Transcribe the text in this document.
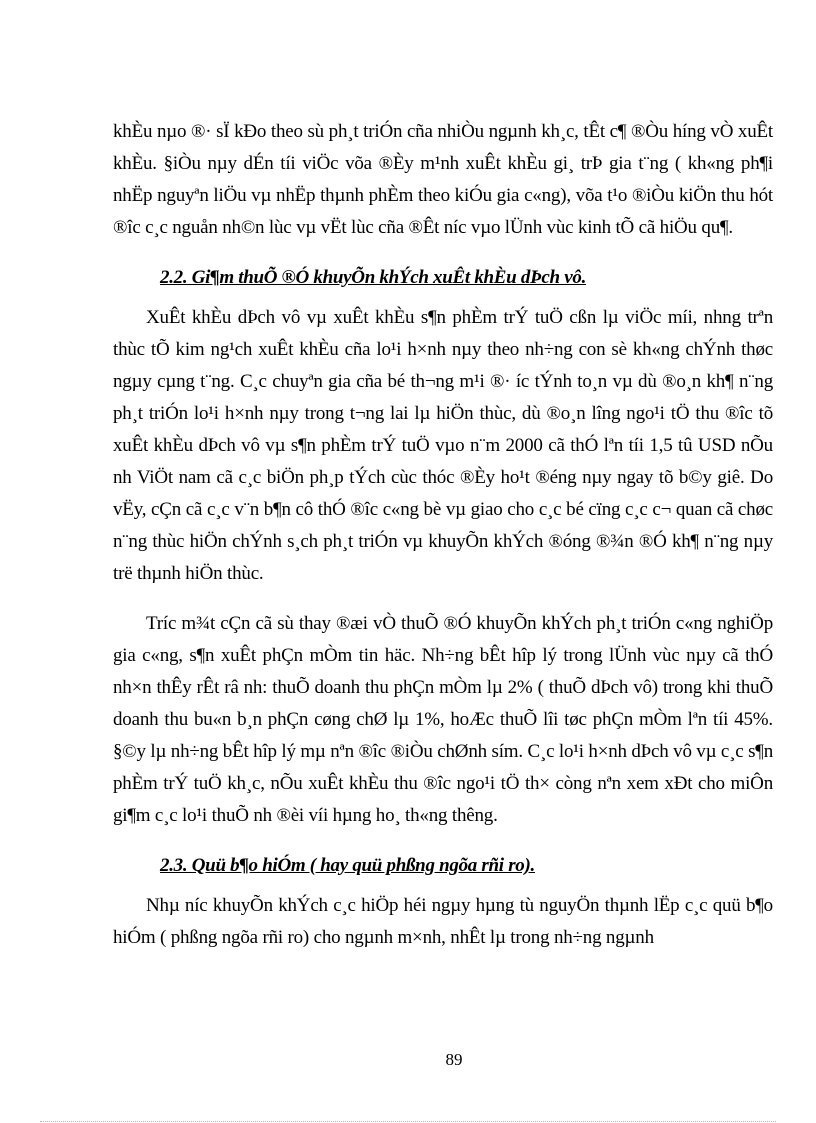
khÈu nµo ®· sÏ kÐo theo sù ph¸t triÓn cña nhiÒu ngµnh kh¸c, tÊt c¶ ®Òu híng vÒ xuÊt khÈu. §iÒu nµy dÉn tíi viÖc võa ®Èy m¹nh xuÊt khÈu gi¸ trÞ gia t¨ng ( kh«ng ph¶i nhËp nguyªn liÖu vµ nhËp thµnh phÈm theo kiÓu gia c«ng), võa t¹o ®iÒu kiÖn thu hót ®îc c¸c nguån nh©n lùc vµ vËt lùc cña ®Êt níc vµo lÜnh vùc kinh tÕ cã hiÖu qu¶.

2.2. Gi¶m thuÕ ®Ó khuyÕn khÝch xuÊt khÈu dÞch vô.

XuÊt khÈu dÞch vô vµ xuÊt khÈu s¶n phÈm trÝ tuÖ cßn lµ viÖc míi, nhng trªn thùc tÕ kim ng¹ch xuÊt khÈu cña lo¹i h×nh nµy theo nh÷ng con sè kh«ng chÝnh thøc ngµy cµng t¨ng. C¸c chuyªn gia cña bé th¬ng m¹i ®· íc tÝnh to¸n vµ dù ®o¸n kh¶ n¨ng ph¸t triÓn lo¹i h×nh nµy trong t¬ng lai lµ hiÖn thùc, dù ®o¸n lîng ngo¹i tÖ thu ®îc tõ xuÊt khÈu dÞch vô vµ s¶n phÈm trÝ tuÖ vµo n¨m 2000 cã thÓ lªn tíi 1,5 tû USD nÕu nh ViÖt nam cã c¸c biÖn ph¸p tÝch cùc thóc ®Èy ho¹t ®éng nµy ngay tõ b©y giê. Do vËy, cÇn cã c¸c v¨n b¶n cô thÓ ®îc c«ng bè vµ giao cho c¸c bé cïng c¸c c¬ quan cã chøc n¨ng thùc hiÖn chÝnh s¸ch ph¸t triÓn vµ khuyÕn khÝch ®óng ®¾n ®Ó kh¶ n¨ng nµy trë thµnh hiÖn thùc.

Tríc m¾t cÇn cã sù thay ®æi vÒ thuÕ ®Ó khuyÕn khÝch ph¸t triÓn c«ng nghiÖp gia c«ng, s¶n xuÊt phÇn mÒm tin häc. Nh÷ng bÊt hîp lý trong lÜnh vùc nµy cã thÓ nh×n thÊy rÊt râ nh: thuÕ doanh thu phÇn mÒm lµ 2% ( thuÕ dÞch vô) trong khi thuÕ doanh thu bu«n b¸n phÇn cøng chØ lµ 1%, hoÆc thuÕ lîi tøc phÇn mÒm lªn tíi 45%. §©y lµ nh÷ng bÊt hîp lý mµ nªn ®îc ®iÒu chØnh sím. C¸c lo¹i h×nh dÞch vô vµ c¸c s¶n phÈm trÝ tuÖ kh¸c, nÕu xuÊt khÈu thu ®îc ngo¹i tÖ th× còng nªn xem xÐt cho miÔn gi¶m c¸c lo¹i thuÕ nh ®èi víi hµng ho¸ th«ng thêng.

2.3. Quü b¶o hiÓm ( hay quü phßng ngõa rñi ro).

Nhµ níc khuyÕn khÝch c¸c hiÖp héi ngµy hµng tù nguyÖn thµnh lËp c¸c quü b¶o hiÓm ( phßng ngõa rñi ro) cho ngµnh m×nh, nhÊt lµ trong nh÷ng ngµnh

89
